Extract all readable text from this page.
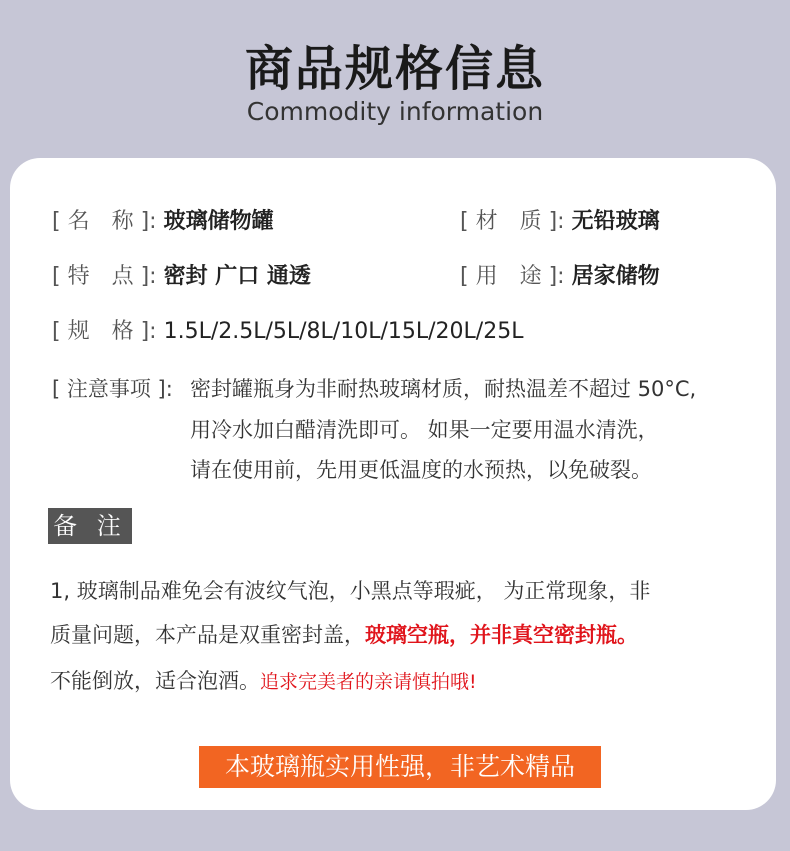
商品规格信息
Commodity information
[ 名　称 ]: 玻璃储物罐	[ 材　质 ]: 无铅玻璃
[ 特　点 ]: 密封 广口 通透	[ 用　途 ]: 居家储物
[ 规　格 ]: 1.5L/2.5L/5L/8L/10L/15L/20L/25L
[ 注意事项 ]: 密封罐瓶身为非耐热玻璃材质，耐热温差不超过 50°C,
用冷水加白醋清洗即可。 如果一定要用温水清洗，
请在使用前，先用更低温度的水预热，以免破裂。
备 注
1, 玻璃制品难免会有波纹气泡，小黑点等瑕疵， 为正常现象，非
质量问题，本产品是双重密封盖，玻璃空瓶，并非真空密封瓶。
不能倒放，适合泡酒。追求完美者的亲请慎拍哦!
本玻璃瓶实用性强，非艺术精品
